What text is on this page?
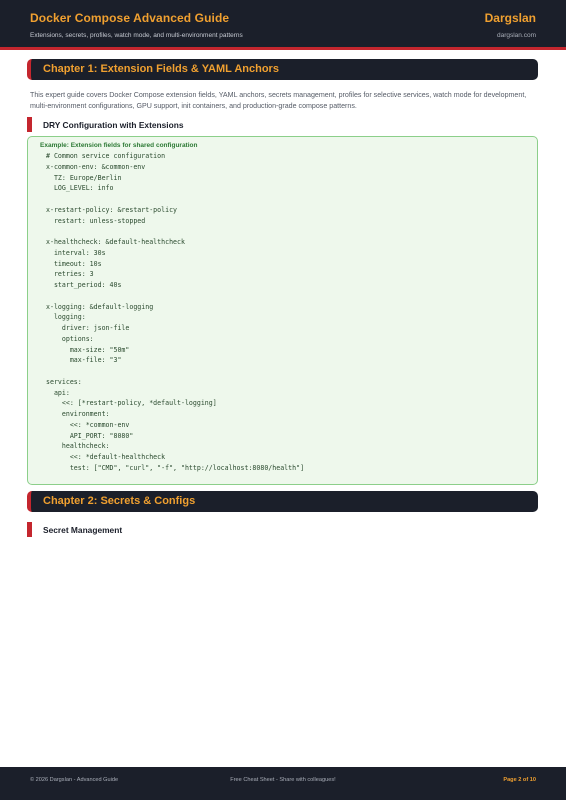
Docker Compose Advanced Guide
Extensions, secrets, profiles, watch mode, and multi-environment patterns
Dargslan
dargslan.com
Chapter 1: Extension Fields & YAML Anchors
This expert guide covers Docker Compose extension fields, YAML anchors, secrets management, profiles for selective services, watch mode for development, multi-environment configurations, GPU support, init containers, and production-grade compose patterns.
DRY Configuration with Extensions
Example: Extension fields for shared configuration
# Common service configuration
x-common-env: &common-env
TZ: Europe/Berlin
LOG_LEVEL: info

x-restart-policy: &restart-policy
restart: unless-stopped

x-healthcheck: &default-healthcheck
interval: 30s
timeout: 10s
retries: 3
start_period: 40s

x-logging: &default-logging
logging:
driver: json-file
options:
max-size: "50m"
max-file: "3"

services:
api:
<<: [*restart-policy, *default-logging]
environment:
<<: *common-env
API_PORT: "8080"
healthcheck:
<<: *default-healthcheck
test: ["CMD", "curl", "-f", "http://localhost:8080/health"]
Chapter 2: Secrets & Configs
Secret Management
© 2026 Dargslan - Advanced Guide	Free Cheat Sheet - Share with colleagues!	Page 2 of 10
